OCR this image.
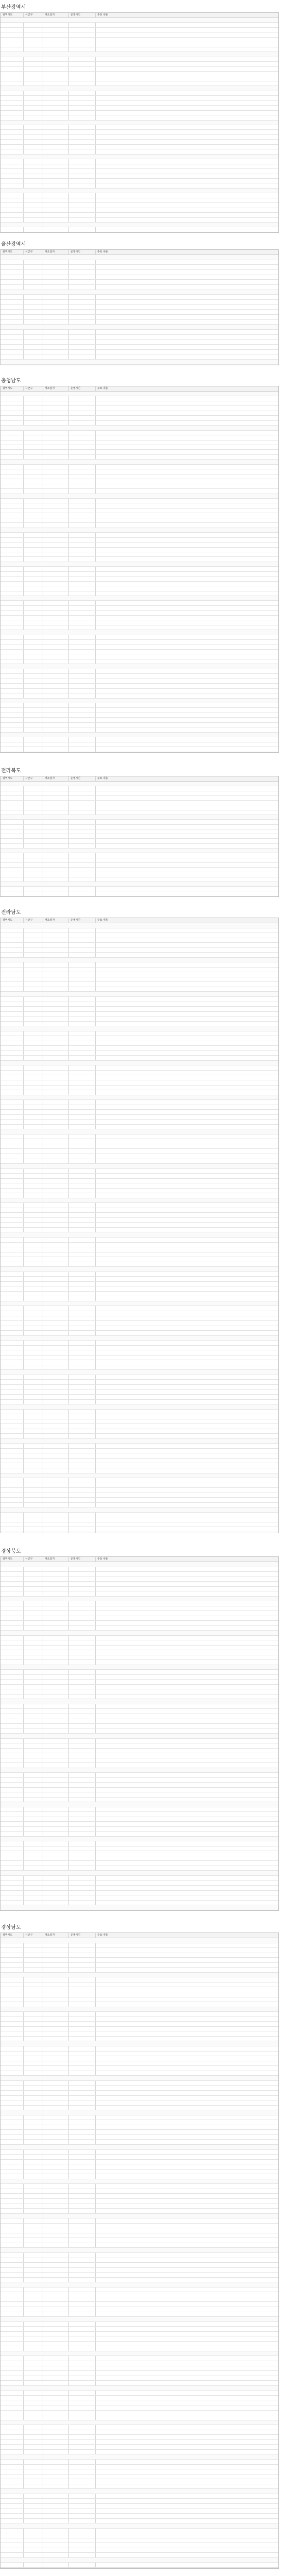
부산광역시
광역시도	시군구	개소일자	운영시간	주요 내용
울산광역시
광역시도	시군구	개소일자	운영시간	주요 내용
충청남도
광역시도	시군구	개소일자	운영시간	주요 내용
전라북도
광역시도	시군구	개소일자	운영시간	주요 내용
전라남도
광역시도	시군구	개소일자	운영시간	주요 내용
경상북도
광역시도	시군구	개소일자	운영시간	주요 내용
경상남도
광역시도	시군구	개소일자	운영시간	주요 내용
